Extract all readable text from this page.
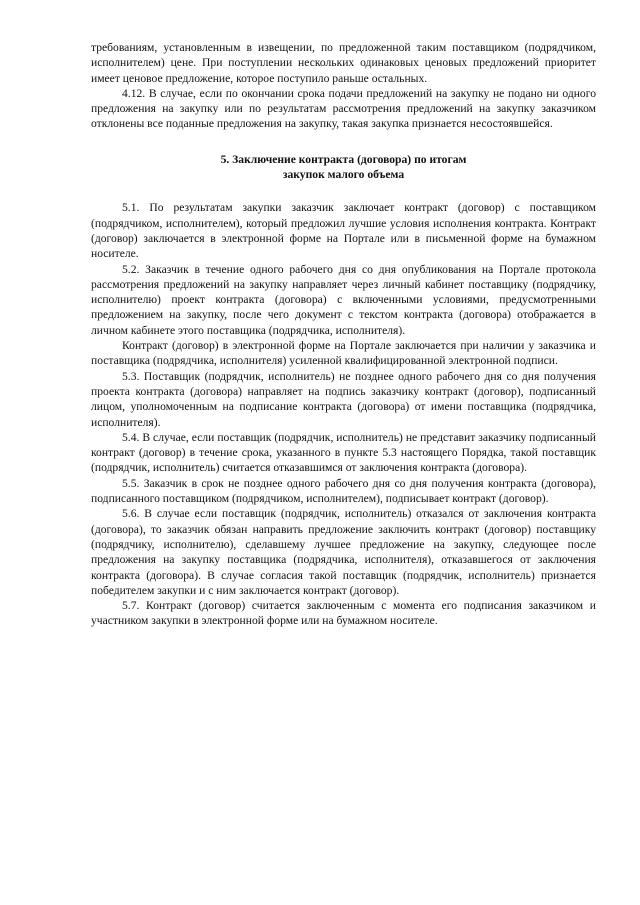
требованиям, установленным в извещении, по предложенной таким поставщиком (подрядчиком, исполнителем) цене. При поступлении нескольких одинаковых ценовых предложений приоритет имеет ценовое предложение, которое поступило раньше остальных.

4.12. В случае, если по окончании срока подачи предложений на закупку не подано ни одного предложения на закупку или по результатам рассмотрения предложений на закупку заказчиком отклонены все поданные предложения на закупку, такая закупка признается несостоявшейся.

5. Заключение контракта (договора) по итогам
закупок малого объема

5.1. По результатам закупки заказчик заключает контракт (договор) с поставщиком (подрядчиком, исполнителем), который предложил лучшие условия исполнения контракта. Контракт (договор) заключается в электронной форме на Портале или в письменной форме на бумажном носителе.

5.2. Заказчик в течение одного рабочего дня со дня опубликования на Портале протокола рассмотрения предложений на закупку направляет через личный кабинет поставщику (подрядчику, исполнителю) проект контракта (договора) с включенными условиями, предусмотренными предложением на закупку, после чего документ с текстом контракта (договора) отображается в личном кабинете этого поставщика (подрядчика, исполнителя).

Контракт (договор) в электронной форме на Портале заключается при наличии у заказчика и поставщика (подрядчика, исполнителя) усиленной квалифицированной электронной подписи.

5.3. Поставщик (подрядчик, исполнитель) не позднее одного рабочего дня со дня получения проекта контракта (договора) направляет на подпись заказчику контракт (договор), подписанный лицом, уполномоченным на подписание контракта (договора) от имени поставщика (подрядчика, исполнителя).

5.4. В случае, если поставщик (подрядчик, исполнитель) не представит заказчику подписанный контракт (договор) в течение срока, указанного в пункте 5.3 настоящего Порядка, такой поставщик (подрядчик, исполнитель) считается отказавшимся от заключения контракта (договора).

5.5. Заказчик в срок не позднее одного рабочего дня со дня получения контракта (договора), подписанного поставщиком (подрядчиком, исполнителем), подписывает контракт (договор).

5.6. В случае если поставщик (подрядчик, исполнитель) отказался от заключения контракта (договора), то заказчик обязан направить предложение заключить контракт (договор) поставщику (подрядчику, исполнителю), сделавшему лучшее предложение на закупку, следующее после предложения на закупку поставщика (подрядчика, исполнителя), отказавшегося от заключения контракта (договора). В случае согласия такой поставщик (подрядчик, исполнитель) признается победителем закупки и с ним заключается контракт (договор).

5.7. Контракт (договор) считается заключенным с момента его подписания заказчиком и участником закупки в электронной форме или на бумажном носителе.
